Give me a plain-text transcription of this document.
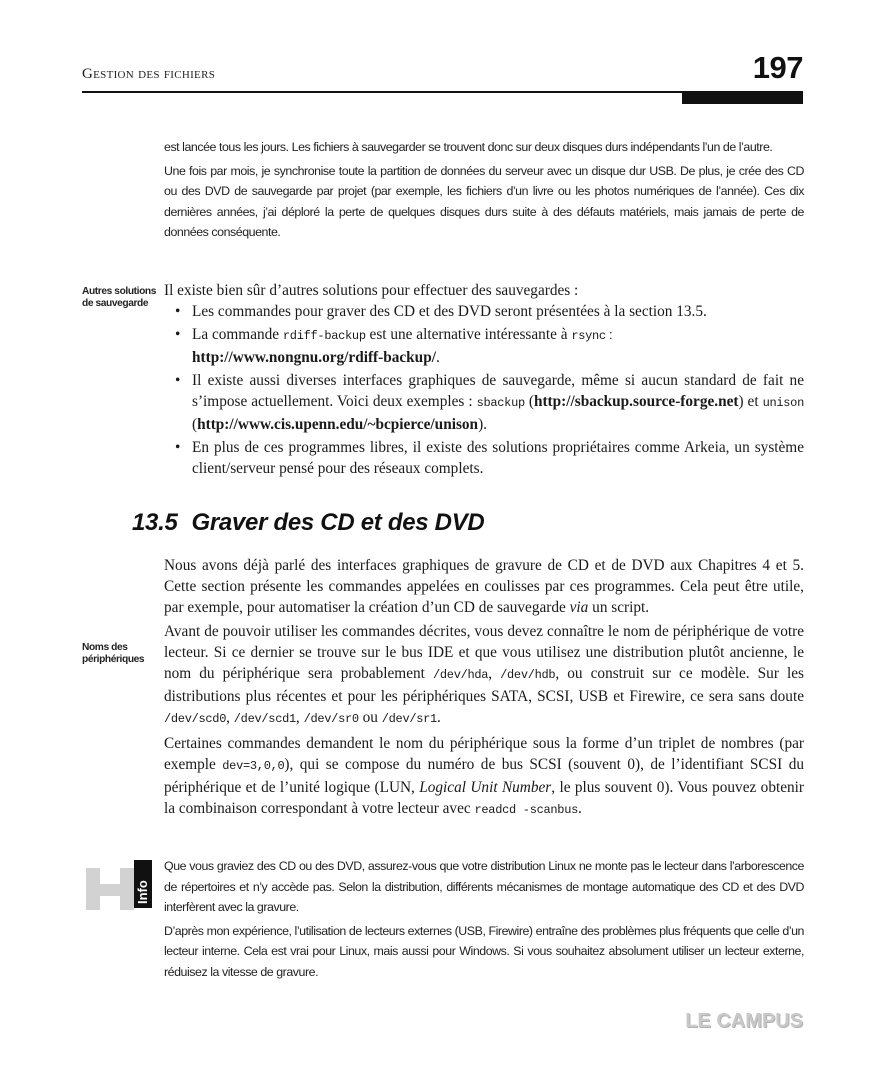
Gestion des fichiers	197

est lancée tous les jours. Les fichiers à sauvegarder se trouvent donc sur deux disques durs indépendants l’un de l’autre.

Une fois par mois, je synchronise toute la partition de données du serveur avec un disque dur USB. De plus, je crée des CD ou des DVD de sauvegarde par projet (par exemple, les fichiers d’un livre ou les photos numériques de l’année). Ces dix dernières années, j’ai déploré la perte de quelques disques durs suite à des défauts matériels, mais jamais de perte de données conséquente.

Autres solutions de sauvegarde

Il existe bien sûr d’autres solutions pour effectuer des sauvegardes :

• Les commandes pour graver des CD et des DVD seront présentées à la section 13.5.
• La commande rdiff-backup est une alternative intéressante à rsync :
http://www.nongnu.org/rdiff-backup/.
• Il existe aussi diverses interfaces graphiques de sauvegarde, même si aucun standard de fait ne s’impose actuellement. Voici deux exemples : sbackup (http://sbackup.source-forge.net) et unison (http://www.cis.upenn.edu/~bcpierce/unison).
• En plus de ces programmes libres, il existe des solutions propriétaires comme Arkeia, un système client/serveur pensé pour des réseaux complets.
13.5 Graver des CD et des DVD

Nous avons déjà parlé des interfaces graphiques de gravure de CD et de DVD aux Chapitres 4 et 5. Cette section présente les commandes appelées en coulisses par ces programmes. Cela peut être utile, par exemple, pour automatiser la création d’un CD de sauvegarde via un script.

Avant de pouvoir utiliser les commandes décrites, vous devez connaître le nom de périphérique de votre lecteur. Si ce dernier se trouve sur le bus IDE et que vous utilisez une distribution plutôt ancienne, le nom du périphérique sera probablement /dev/hda, /dev/hdb, ou construit sur ce modèle. Sur les distributions plus récentes et pour les périphériques SATA, SCSI, USB et Firewire, ce sera sans doute /dev/scd0, /dev/scd1, /dev/sr0 ou /dev/sr1.

Certaines commandes demandent le nom du périphérique sous la forme d’un triplet de nombres (par exemple dev=3,0,0), qui se compose du numéro de bus SCSI (souvent 0), de l’identifiant SCSI du périphérique et de l’unité logique (LUN, Logical Unit Number, le plus souvent 0). Vous pouvez obtenir la combinaison correspondant à votre lecteur avec readcd -scanbus.

Noms des périphériques
Info

Que vous graviez des CD ou des DVD, assurez-vous que votre distribution Linux ne monte pas le lecteur dans l’arborescence de répertoires et n’y accède pas. Selon la distribution, différents mécanismes de montage automatique des CD et des DVD interfèrent avec la gravure.

D’après mon expérience, l’utilisation de lecteurs externes (USB, Firewire) entraîne des problèmes plus fréquents que celle d’un lecteur interne. Cela est vrai pour Linux, mais aussi pour Windows. Si vous souhaitez absolument utiliser un lecteur externe, réduisez la vitesse de gravure.

LE CAMPUS
